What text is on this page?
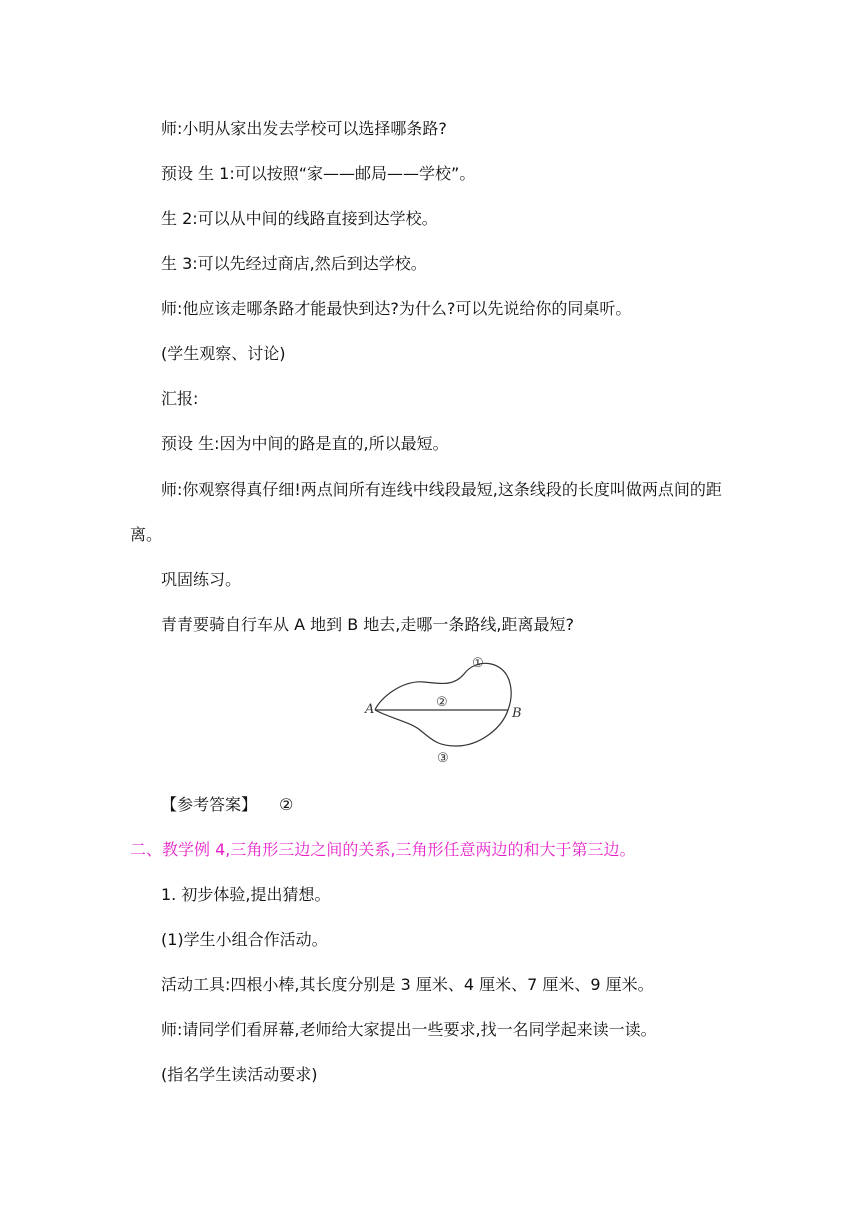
师:小明从家出发去学校可以选择哪条路?
预设 生 1:可以按照“家——邮局——学校”。
生 2:可以从中间的线路直接到达学校。
生 3:可以先经过商店,然后到达学校。
师:他应该走哪条路才能最快到达?为什么?可以先说给你的同桌听。
(学生观察、讨论)
汇报:
预设 生:因为中间的路是直的,所以最短。
师:你观察得真仔细!两点间所有连线中线段最短,这条线段的长度叫做两点间的距
离。
巩固练习。
青青要骑自行车从 A 地到 B 地去,走哪一条路线,距离最短?
A	B
①
②
③
【参考答案】 ②
二、教学例 4,三角形三边之间的关系,三角形任意两边的和大于第三边。
1. 初步体验,提出猜想。
(1)学生小组合作活动。
活动工具:四根小棒,其长度分别是 3 厘米、4 厘米、7 厘米、9 厘米。
师:请同学们看屏幕,老师给大家提出一些要求,找一名同学起来读一读。
(指名学生读活动要求)
